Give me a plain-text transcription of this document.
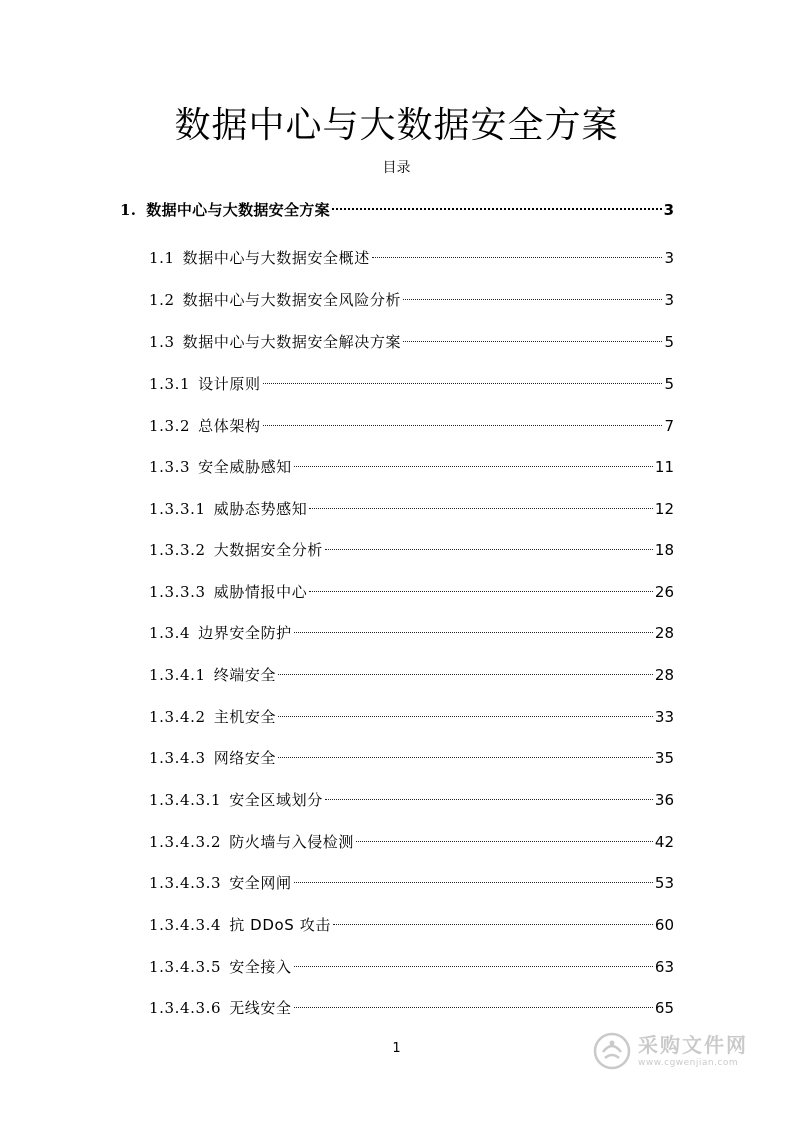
数据中心与大数据安全方案
目录
1. 数据中心与大数据安全方案	3
1.1 数据中心与大数据安全概述	3
1.2 数据中心与大数据安全风险分析	3
1.3 数据中心与大数据安全解决方案	5
1.3.1 设计原则	5
1.3.2 总体架构	7
1.3.3 安全威胁感知	11
1.3.3.1 威胁态势感知	12
1.3.3.2 大数据安全分析	18
1.3.3.3 威胁情报中心	26
1.3.4 边界安全防护	28
1.3.4.1 终端安全	28
1.3.4.2 主机安全	33
1.3.4.3 网络安全	35
1.3.4.3.1 安全区域划分	36
1.3.4.3.2 防火墙与入侵检测	42
1.3.4.3.3 安全网闸	53
1.3.4.3.4 抗 DDoS 攻击	60
1.3.4.3.5 安全接入	63
1.3.4.3.6 无线安全	65
1	采购文件网
www.cgwenjian.com
